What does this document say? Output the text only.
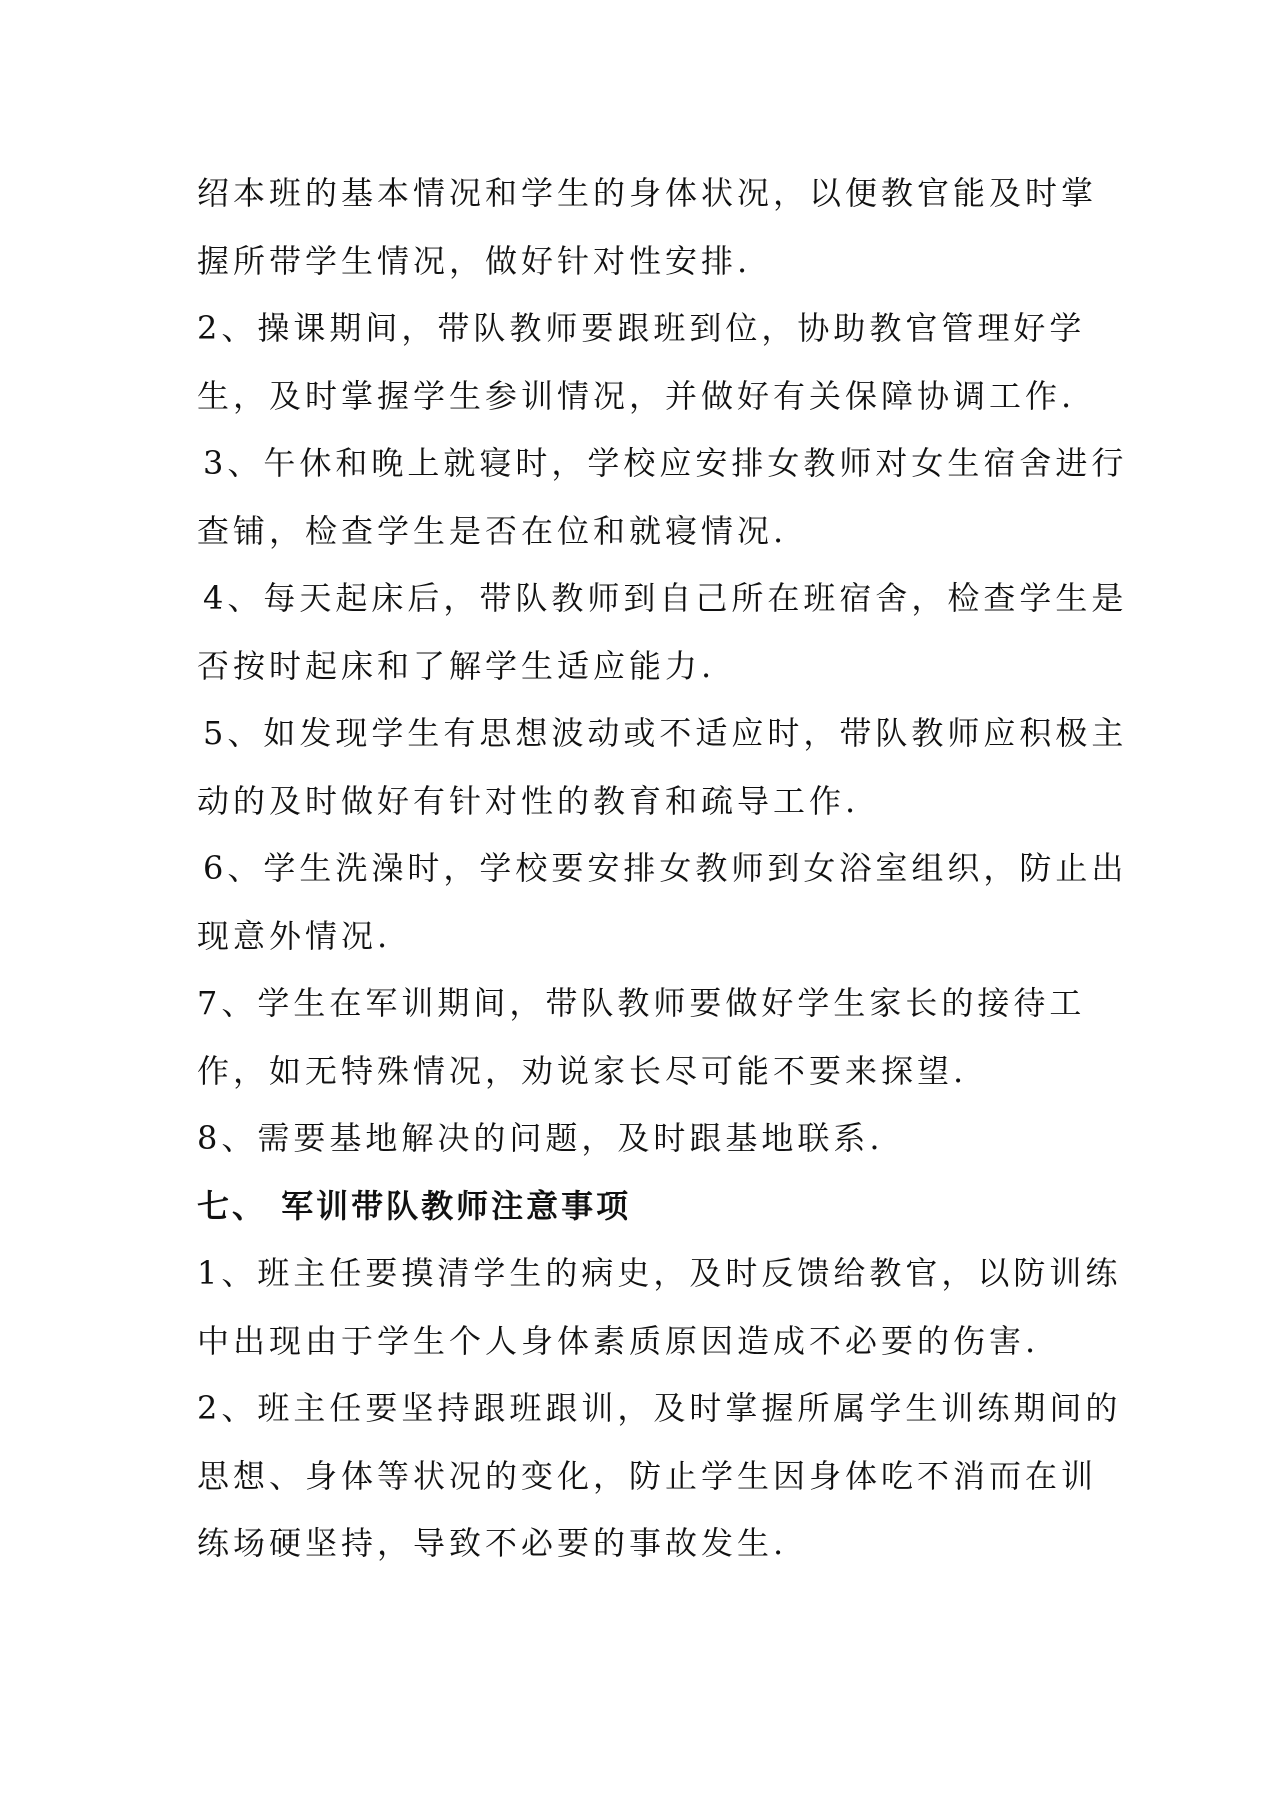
绍本班的基本情况和学生的身体状况，以便教官能及时掌
握所带学生情况，做好针对性安排.
2、操课期间，带队教师要跟班到位，协助教官管理好学
生，及时掌握学生参训情况，并做好有关保障协调工作.
3、午休和晚上就寝时，学校应安排女教师对女生宿舍进行
查铺，检查学生是否在位和就寝情况.
4、每天起床后，带队教师到自己所在班宿舍，检查学生是
否按时起床和了解学生适应能力.
5、如发现学生有思想波动或不适应时，带队教师应积极主
动的及时做好有针对性的教育和疏导工作.
6、学生洗澡时，学校要安排女教师到女浴室组织，防止出
现意外情况.
7、学生在军训期间，带队教师要做好学生家长的接待工
作，如无特殊情况，劝说家长尽可能不要来探望.
8、需要基地解决的问题，及时跟基地联系.
七、 军训带队教师注意事项
1、班主任要摸清学生的病史，及时反馈给教官，以防训练
中出现由于学生个人身体素质原因造成不必要的伤害.
2、班主任要坚持跟班跟训，及时掌握所属学生训练期间的
思想、身体等状况的变化，防止学生因身体吃不消而在训
练场硬坚持，导致不必要的事故发生.
